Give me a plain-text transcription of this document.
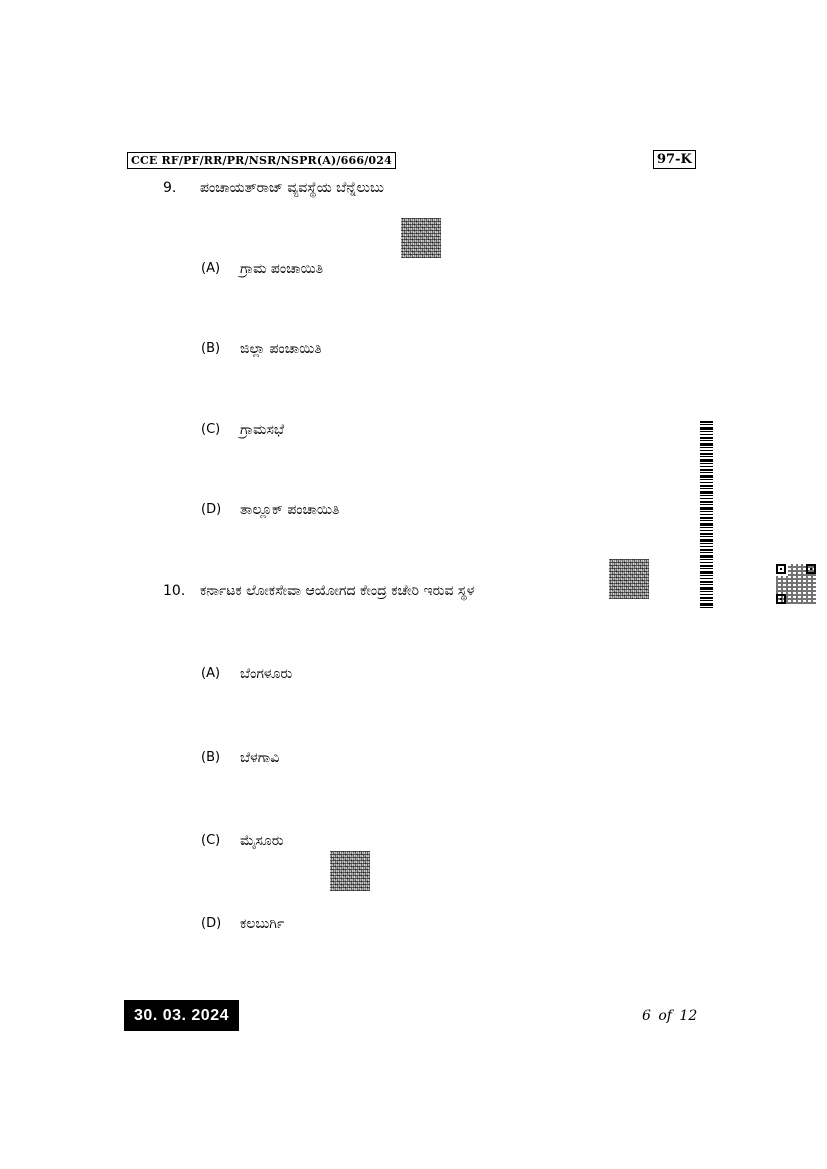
CCE RF/PF/RR/PR/NSR/NSPR(A)/666/024	97-K
9. ಪಂಚಾಯತ್‌ರಾಜ್ ವ್ಯವಸ್ಥೆಯ ಬೆನ್ನೆಲುಬು
(A) ಗ್ರಾಮ ಪಂಚಾಯಿತಿ
(B) ಜಿಲ್ಲಾ ಪಂಚಾಯಿತಿ
(C) ಗ್ರಾಮಸಭೆ
(D) ತಾಲ್ಲೂಕ್ ಪಂಚಾಯಿತಿ
10. ಕರ್ನಾಟಕ ಲೋಕಸೇವಾ ಆಯೋಗದ ಕೇಂದ್ರ ಕಚೇರಿ ಇರುವ ಸ್ಥಳ
(A) ಬೆಂಗಳೂರು
(B) ಬೆಳಗಾವಿ
(C) ಮೈಸೂರು
(D) ಕಲಬುರ್ಗಿ
30. 03. 2024	6 of 12
